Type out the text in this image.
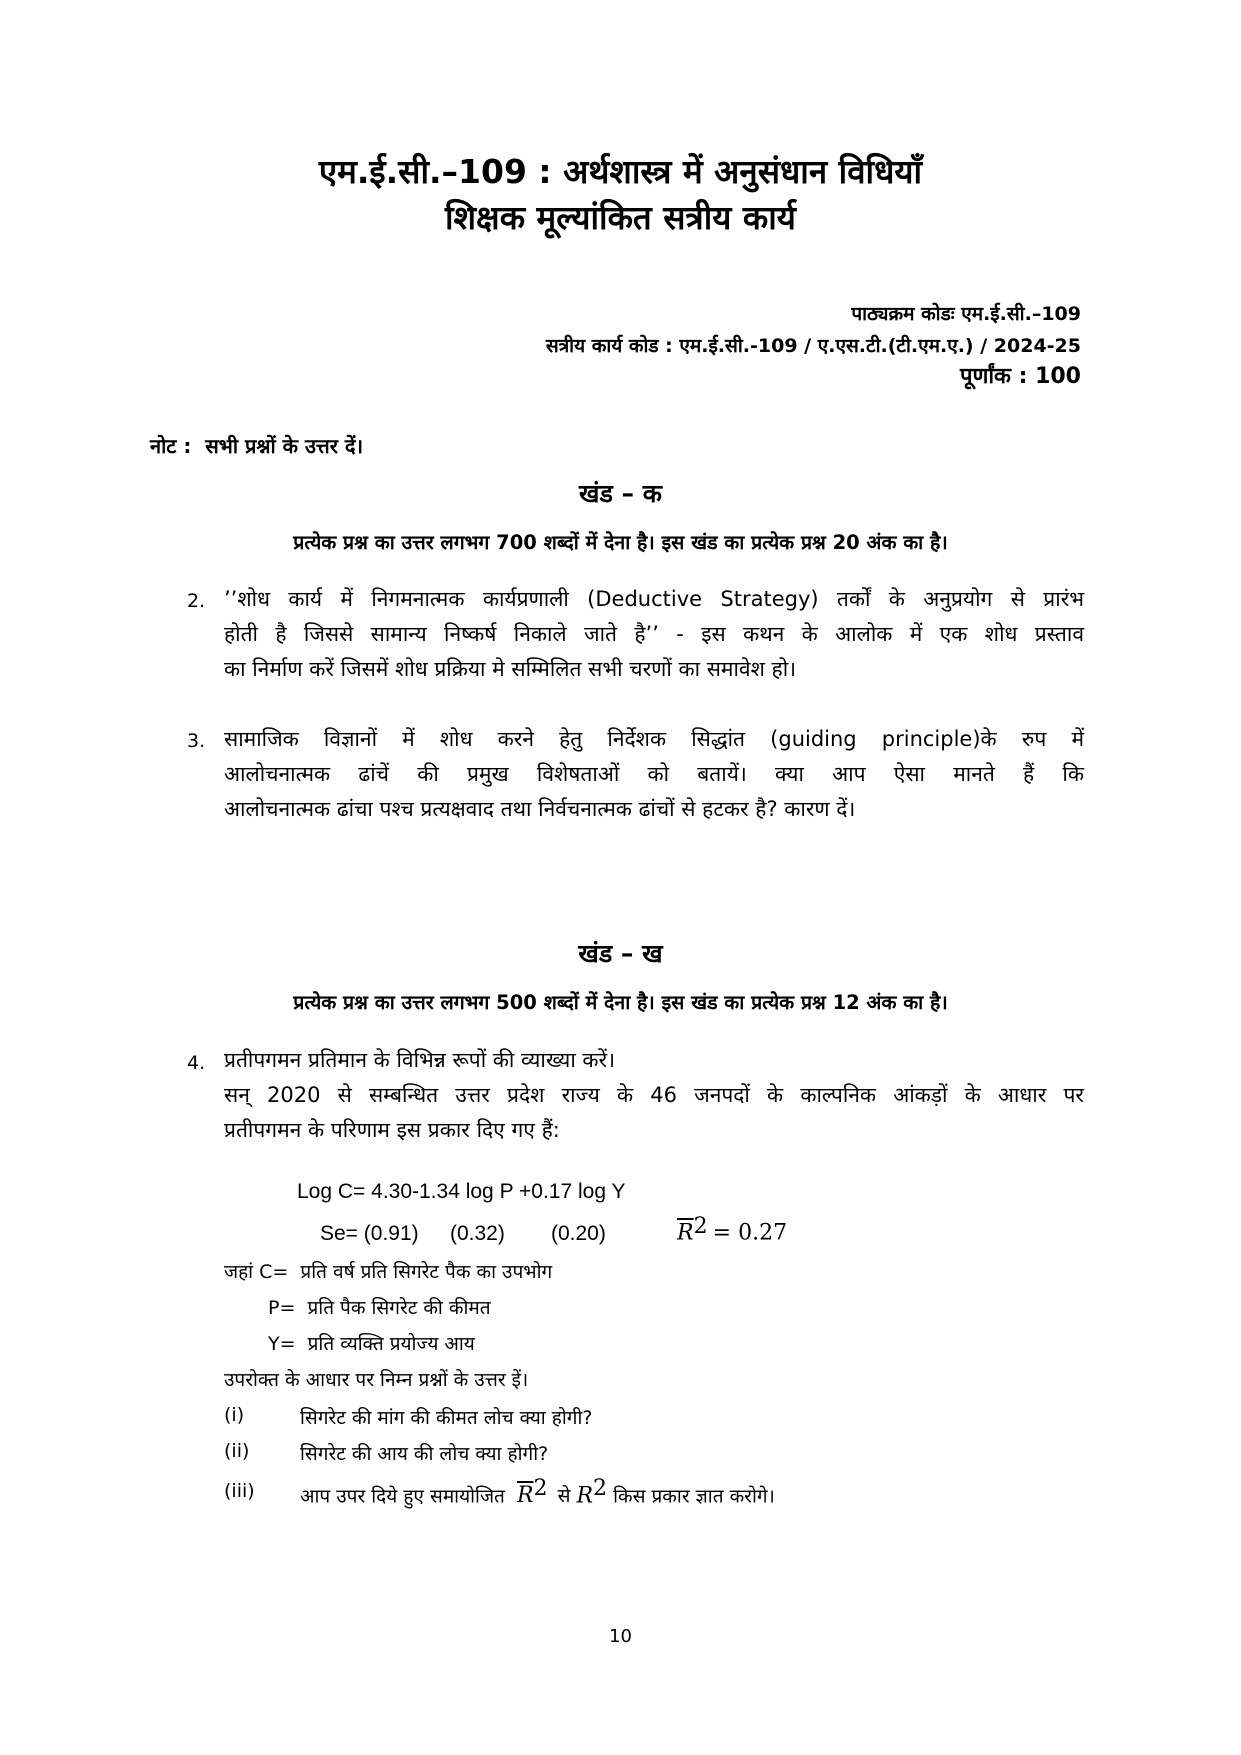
एम.ई.सी.–109 : अर्थशास्त्र में अनुसंधान विधियाँ
शिक्षक मूल्यांकित सत्रीय कार्य
पाठ्यक्रम कोडः एम.ई.सी.–109
सत्रीय कार्य कोड : एम.ई.सी.-109 / ए.एस.टी.(टी.एम.ए.) / 2024-25
पूर्णांक : 100
नोट :  सभी प्रश्नों के उत्तर दें।
खंड – क
प्रत्येक प्रश्न का उत्तर लगभग 700 शब्दों में देना है। इस खंड का प्रत्येक प्रश्न 20 अंक का है।
2. ’’शोध कार्य में निगमनात्मक कार्यप्रणाली (Deductive Strategy) तर्कों के अनुप्रयोग से प्रारंभ
होती है जिससे सामान्य निष्कर्ष निकाले जाते है’’ - इस कथन के आलोक में एक शोध प्रस्ताव
का निर्माण करें जिसमें शोध प्रक्रिया मे सम्मिलित सभी चरणों का समावेश हो।
3. सामाजिक विज्ञानों में शोध करने हेतु निर्देशक सिद्धांत (guiding principle)के रुप में
आलोचनात्मक ढांचें की प्रमुख विशेषताओं को बतायें। क्या आप ऐसा मानते हैं कि
आलोचनात्मक ढांचा पश्च प्रत्यक्षवाद तथा निर्वचनात्मक ढांचों से हटकर है? कारण दें।
खंड – ख
प्रत्येक प्रश्न का उत्तर लगभग 500 शब्दों में देना है। इस खंड का प्रत्येक प्रश्न 12 अंक का है।
4. प्रतीपगमन प्रतिमान के विभिन्न रूपों की व्याख्या करें।
सन् 2020 से सम्बन्धित उत्तर प्रदेश राज्य के 46 जनपदों के काल्पनिक आंकड़ों के आधार पर
प्रतीपगमन के परिणाम इस प्रकार दिए गए हैं:
Log C= 4.30-1.34 log P +0.17 log Y
Se= (0.91) (0.32) (0.20)	$\overline{R}^2 = 0.27$
जहां C=  प्रति वर्ष प्रति सिगरेट पैक का उपभोग
P=  प्रति पैक सिगरेट की कीमत
Y=  प्रति व्यक्ति प्रयोज्य आय
उपरोक्त के आधार पर निम्न प्रश्नों के उत्तर इें।
(i)	सिगरेट की मांग की कीमत लोच क्या होगी?
(ii)	सिगरेट की आय की लोच क्या होगी?
(iii) आप उपर दिये हुए समायोजित $\overline{R}^2$ से $R^2$ किस प्रकार ज्ञात करोगे।
10
